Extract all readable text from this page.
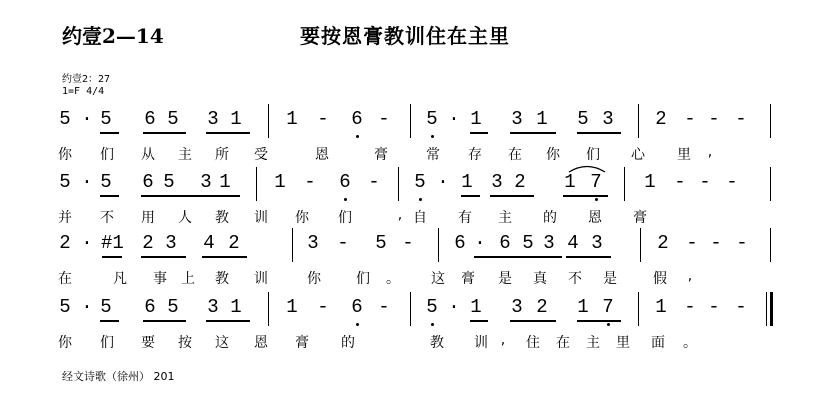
约壹2—14	要按恩膏教训住在主里
约壹2：27
1=F 4/4
5 · 5 6 5 3 1 1 - 6 - 5 · 1 3 1 5 3 2 - - -
你 们 从 主 所 受	恩	膏	常 存 在 你 们 心 里	,
5 · 5 6 5 3 1 1 - 6 - 5 · 1 3 2 1 7 1 - - -
并 不 用 人 教 训 你 们	, 自 有 主 的 恩 膏
2 · #1 2 3 4 2	3 - 5 - 6 · 6 5 3 4 3	2 - - -
在	凡 事 上 教 训	你	们 。 这 膏 是 真 不 是	假	,
5 · 5 6 5 3 1 1 - 6 - 5 · 1 3 2 1 7 1 - - -
你 们 要 按 这 恩 膏 的	教 训 ,	住 在 主 里 面 。
经文诗歌（徐州） 201
